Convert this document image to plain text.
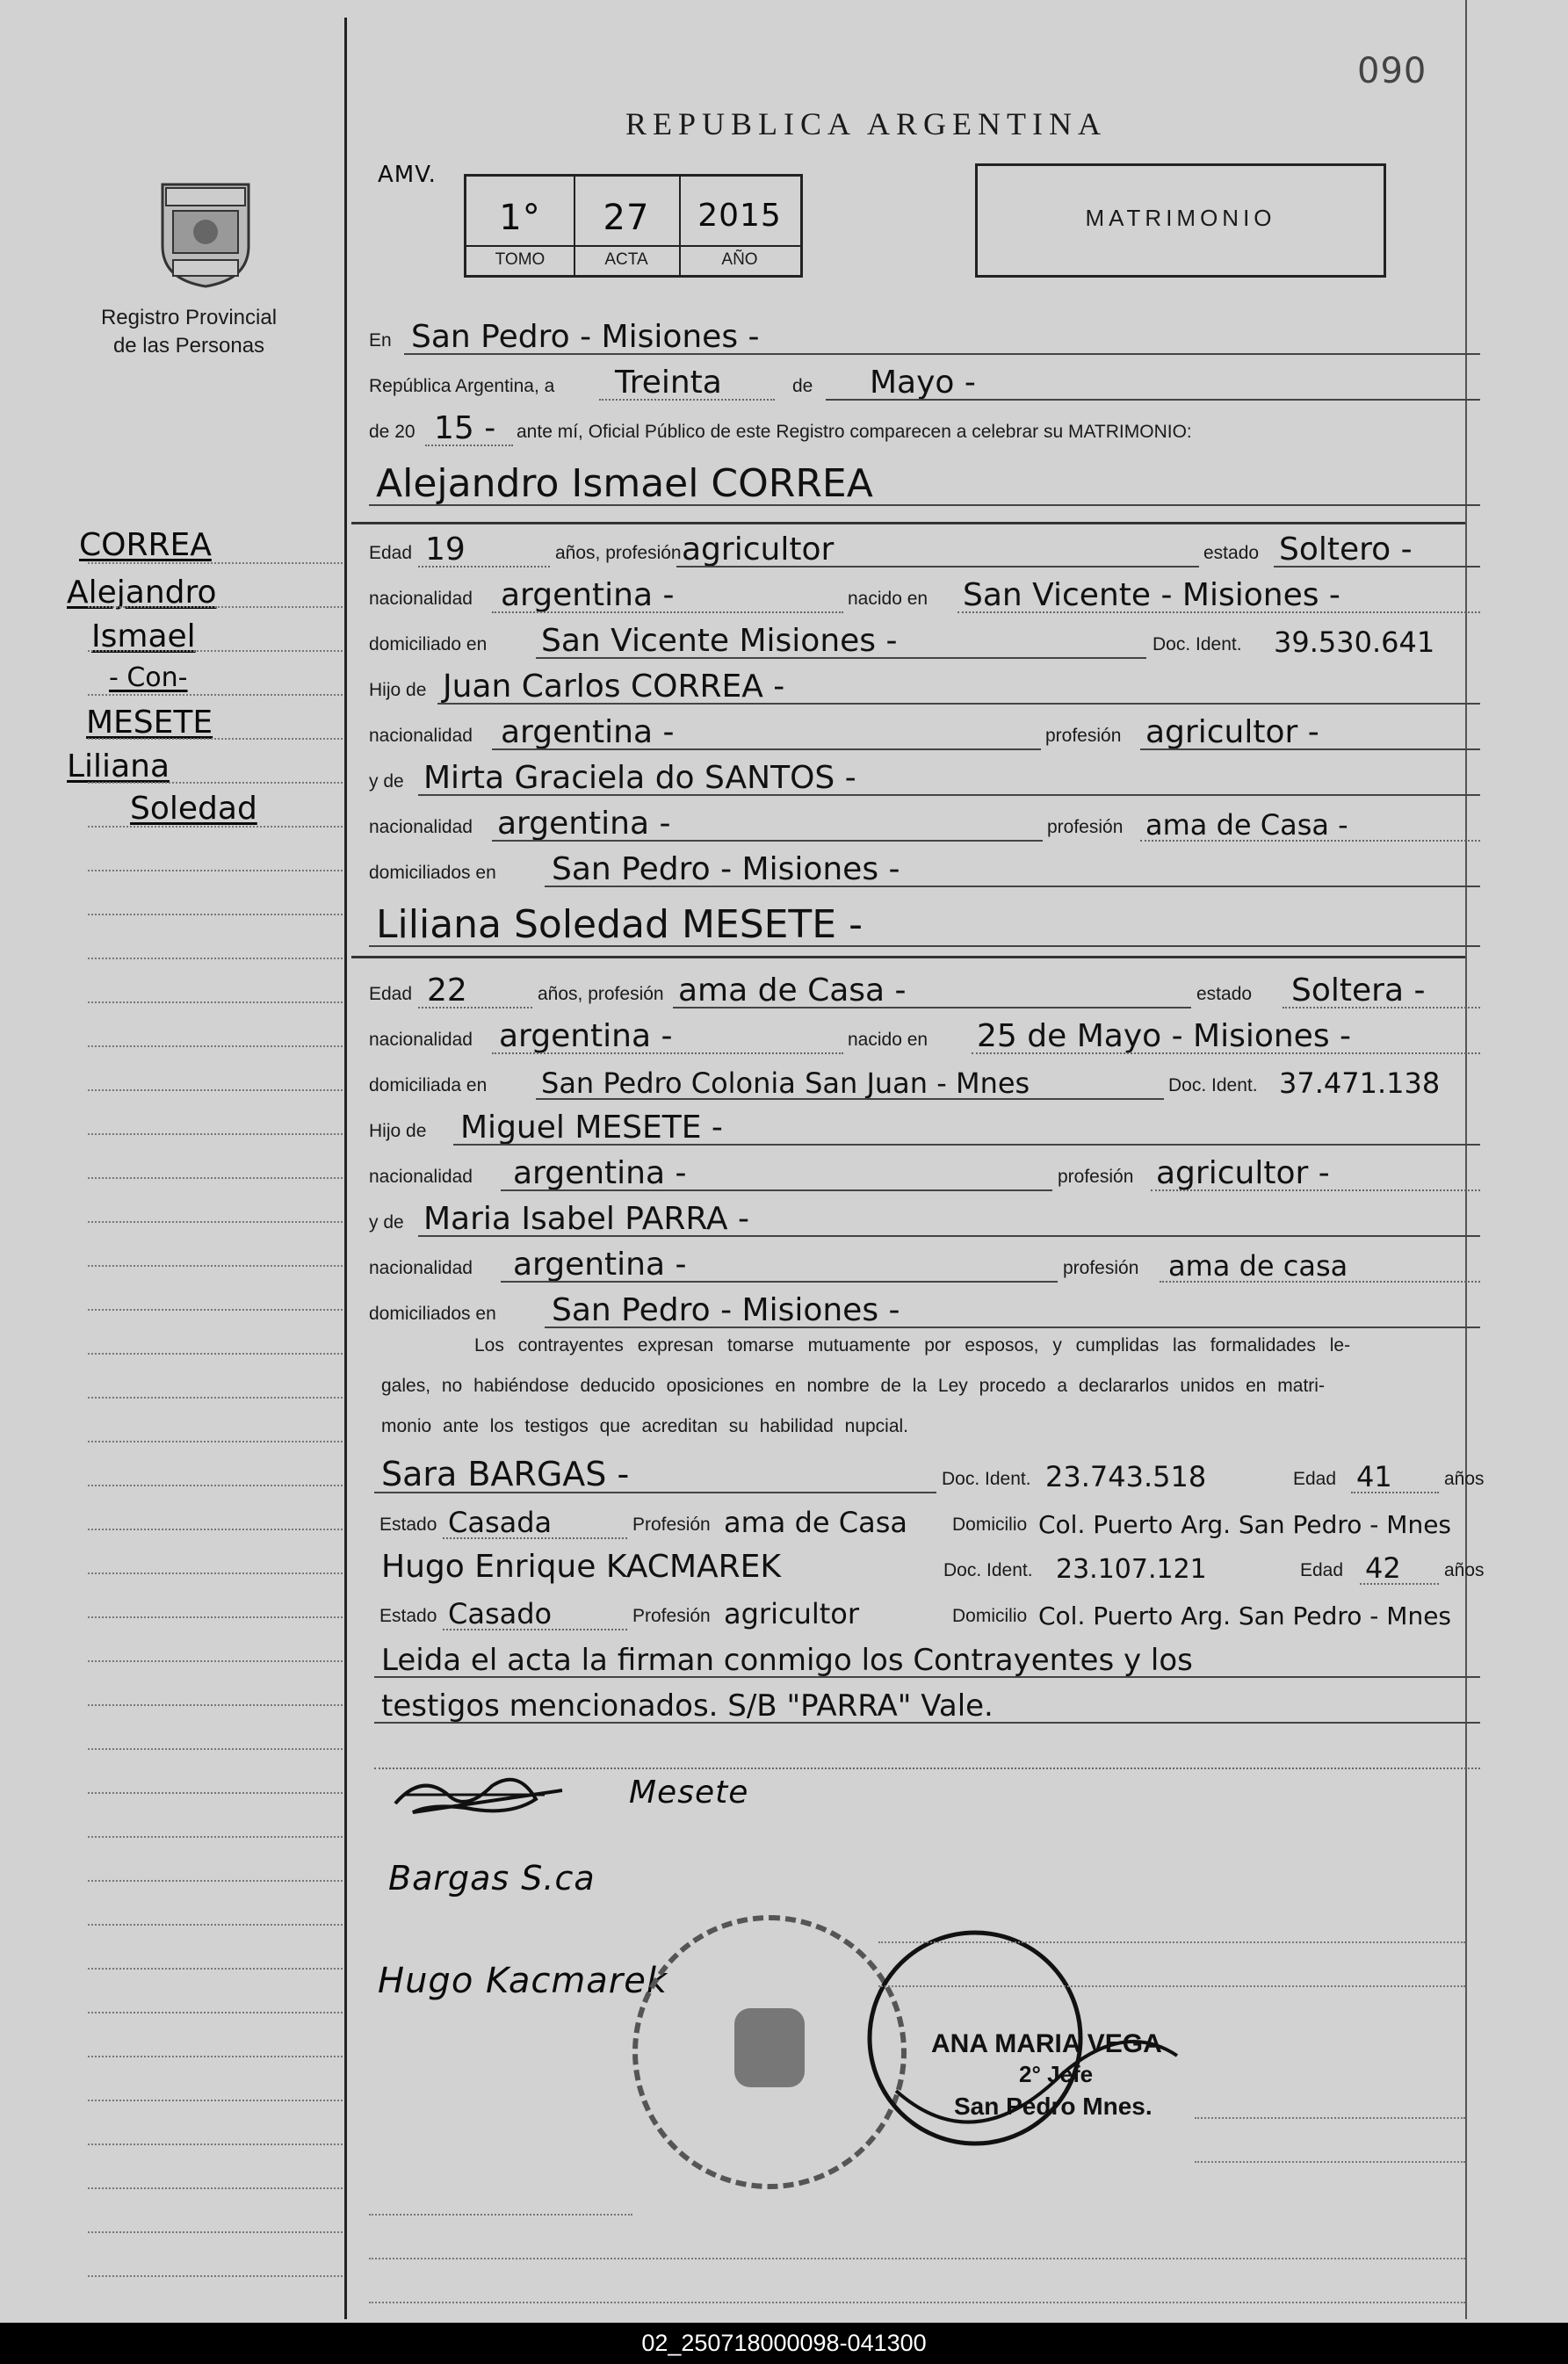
090
REPUBLICA ARGENTINA
AMV.
Registro Provincial
de las Personas
1°	27	2015
TOMO	ACTA	AÑO
MATRIMONIO
CORREA
Alejandro
Ismael
- Con-
MESETE
Liliana
Soledad
En San Pedro - Misiones -
República Argentina, a Treinta	de Mayo -
de 20 15 - ante mí, Oficial Público de este Registro comparecen a celebrar su MATRIMONIO:
Alejandro Ismael CORREA
Edad 19	años, profesión agricultor	estado Soltero -
nacionalidad argentina -	nacido en San Vicente - Misiones -
domiciliado en San Vicente Misiones -	Doc. Ident. 39.530.641
Hijo de Juan Carlos CORREA -
nacionalidad argentina -	profesión agricultor -
y de Mirta Graciela do SANTOS -
nacionalidad argentina -	profesión ama de Casa -
domiciliados en San Pedro - Misiones -
Liliana Soledad MESETE -
Edad 22	años, profesión ama de Casa -	estado Soltera -
nacionalidad argentina -	nacido en 25 de Mayo - Misiones -
domiciliada en San Pedro Colonia San Juan - Mnes	Doc. Ident. 37.471.138
Hijo de Miguel MESETE -
nacionalidad argentina -	profesión agricultor -
y de Maria Isabel PARRA -
nacionalidad argentina -	profesión ama de casa
domiciliados en San Pedro - Misiones -
Los contrayentes expresan tomarse mutuamente por esposos, y cumplidas las formalidades le-
gales, no habiéndose deducido oposiciones en nombre de la Ley procedo a declararlos unidos en matri-
monio ante los testigos que acreditan su habilidad nupcial.
Sara BARGAS -	Doc. Ident. 23.743.518	Edad 41	años
Estado Casada	Profesión ama de Casa Domicilio Col. Puerto Arg. San Pedro - Mnes
Hugo Enrique KACMAREK	Doc. Ident. 23.107.121	Edad 42 años
Estado Casado	Profesión agricultor	Domicilio Col. Puerto Arg. San Pedro - Mnes
Leida el acta la firman conmigo los Contrayentes y los
testigos mencionados. S/B "PARRA" Vale.
Mesete
Bargas S.ca
Hugo Kacmarek
ANA MARIA VEGA
2° Jefe
San Pedro Mnes.
02_250718000098-041300
